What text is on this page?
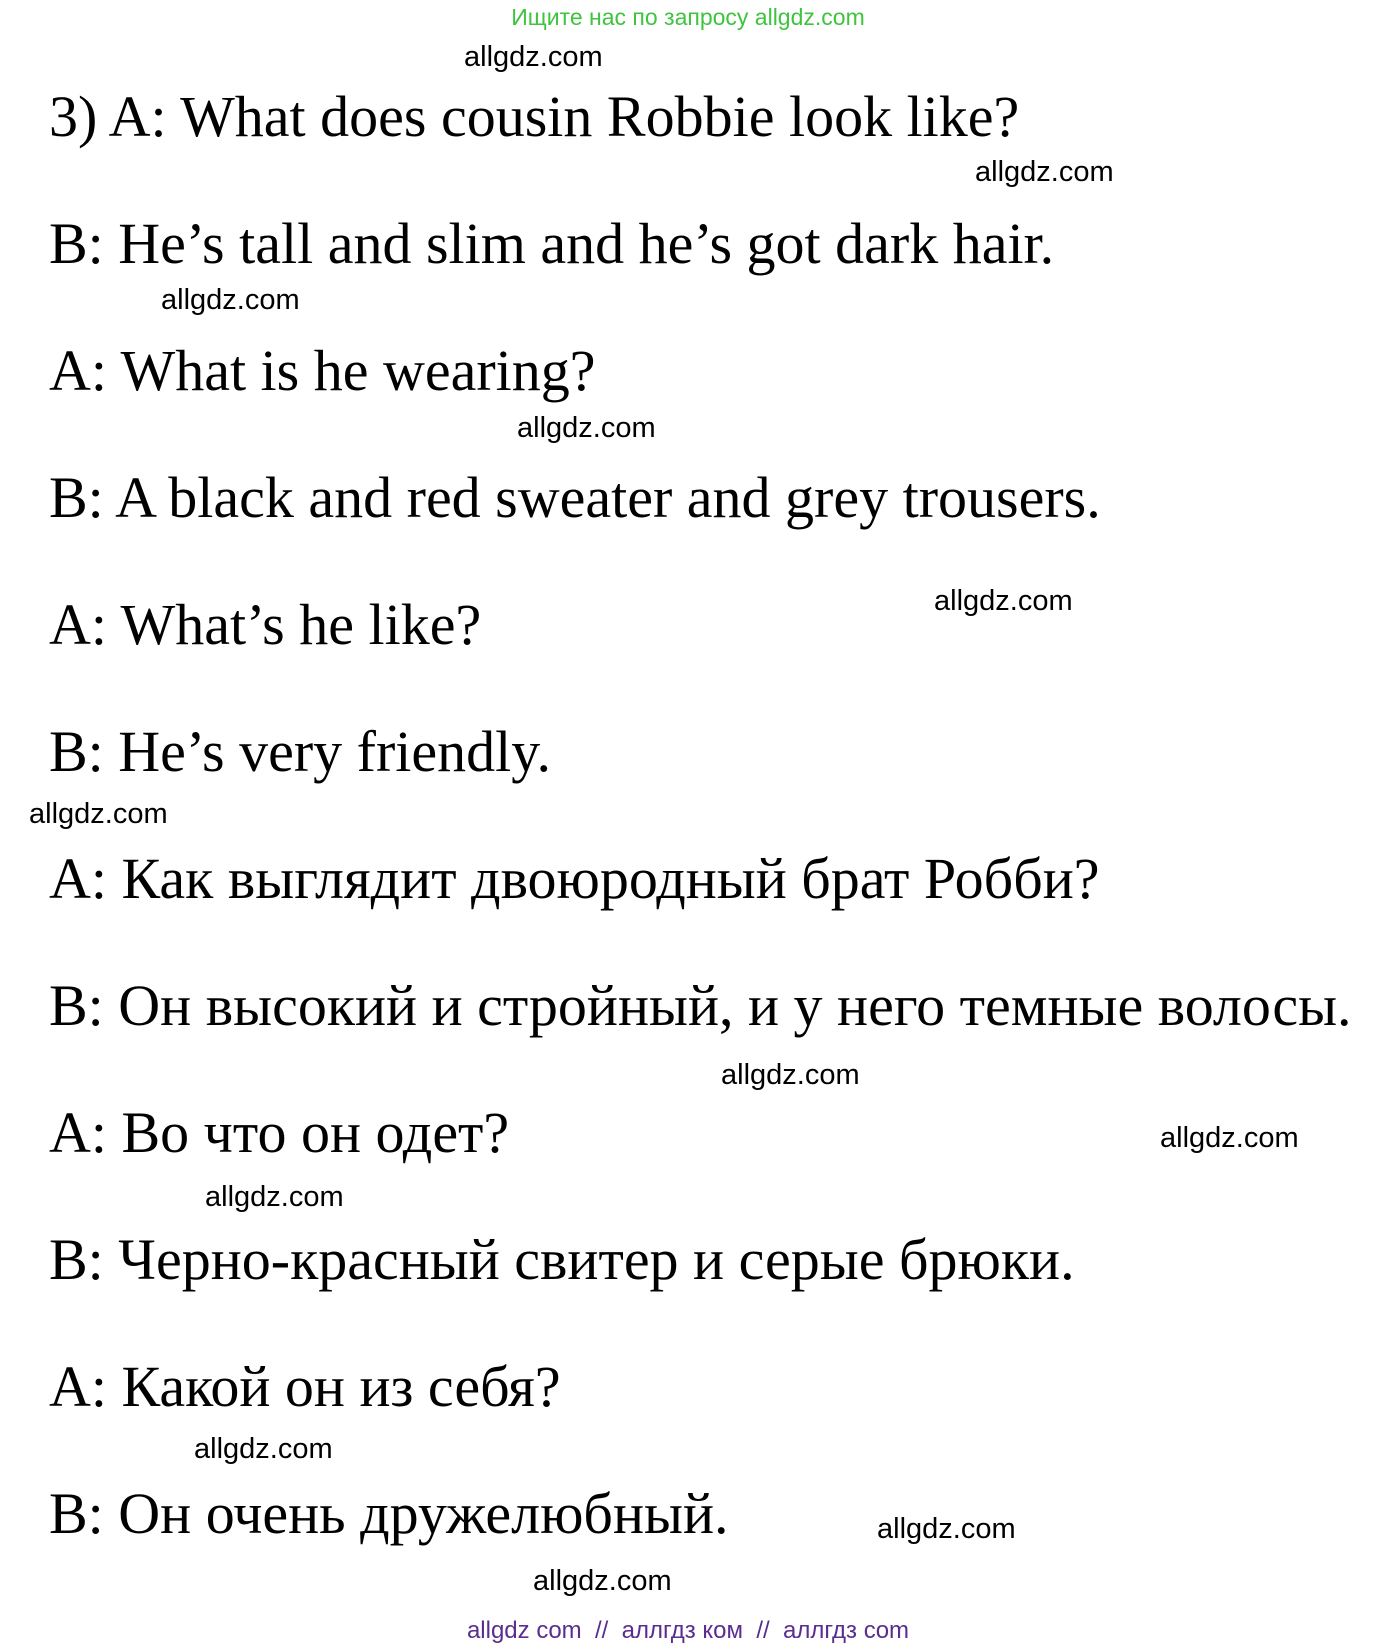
Ищите нас по запросу allgdz.com
allgdz.com
3) A: What does cousin Robbie look like?
allgdz.com
B: He’s tall and slim and he’s got dark hair.
allgdz.com
A: What is he wearing?
allgdz.com
B: A black and red sweater and grey trousers.
allgdz.com
A: What’s he like?
B: He’s very friendly.
allgdz.com
A: Как выглядит двоюродный брат Робби?
B: Он высокий и стройный, и у него темные волосы.
allgdz.com
A: Во что он одет?	allgdz.com
allgdz.com
B: Черно-красный свитер и серые брюки.
A: Какой он из себя?
allgdz.com
B: Он очень дружелюбный.	allgdz.com
allgdz.com
allgdz com  //  аллгдз ком  //  аллгдз com
